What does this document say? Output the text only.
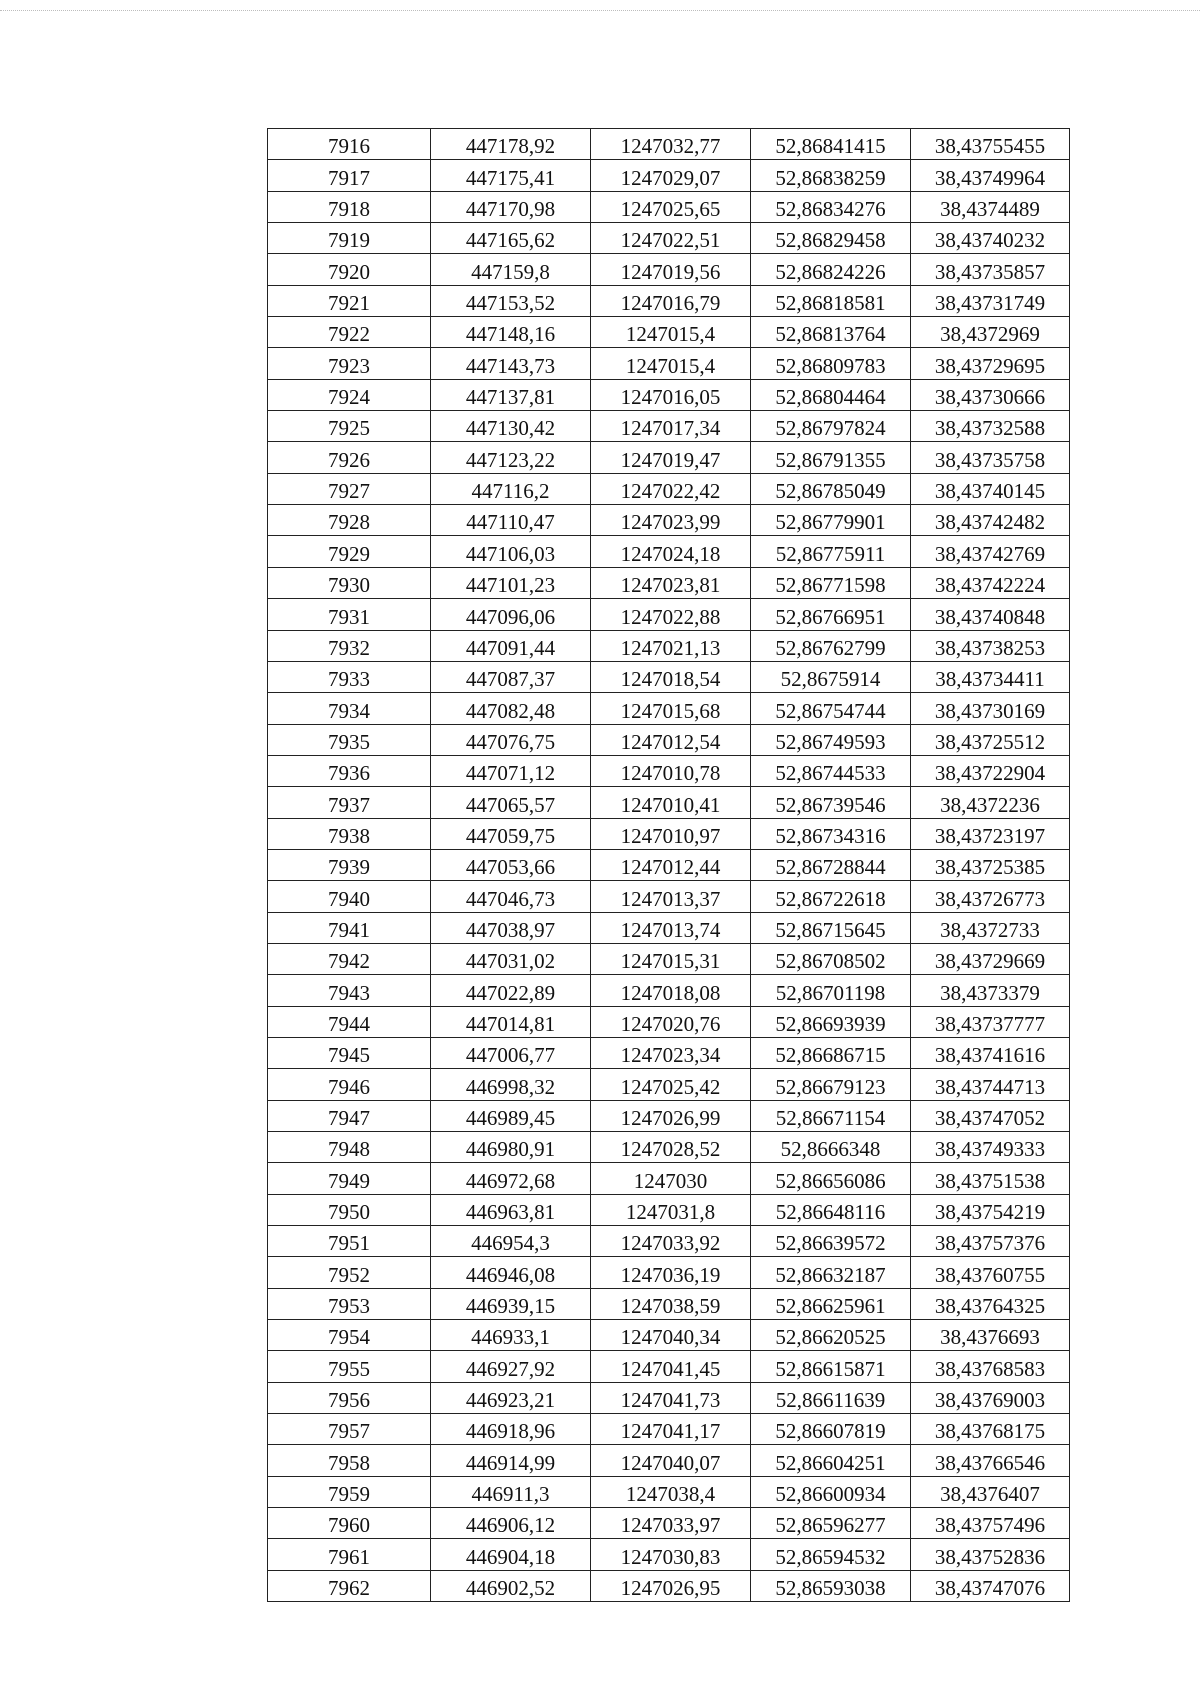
7916	447178,92	1247032,77	52,86841415	38,43755455
7917	447175,41	1247029,07	52,86838259	38,43749964
7918	447170,98	1247025,65	52,86834276	38,4374489
7919	447165,62	1247022,51	52,86829458	38,43740232
7920	447159,8	1247019,56	52,86824226	38,43735857
7921	447153,52	1247016,79	52,86818581	38,43731749
7922	447148,16	1247015,4	52,86813764	38,4372969
7923	447143,73	1247015,4	52,86809783	38,43729695
7924	447137,81	1247016,05	52,86804464	38,43730666
7925	447130,42	1247017,34	52,86797824	38,43732588
7926	447123,22	1247019,47	52,86791355	38,43735758
7927	447116,2	1247022,42	52,86785049	38,43740145
7928	447110,47	1247023,99	52,86779901	38,43742482
7929	447106,03	1247024,18	52,86775911	38,43742769
7930	447101,23	1247023,81	52,86771598	38,43742224
7931	447096,06	1247022,88	52,86766951	38,43740848
7932	447091,44	1247021,13	52,86762799	38,43738253
7933	447087,37	1247018,54	52,8675914	38,43734411
7934	447082,48	1247015,68	52,86754744	38,43730169
7935	447076,75	1247012,54	52,86749593	38,43725512
7936	447071,12	1247010,78	52,86744533	38,43722904
7937	447065,57	1247010,41	52,86739546	38,4372236
7938	447059,75	1247010,97	52,86734316	38,43723197
7939	447053,66	1247012,44	52,86728844	38,43725385
7940	447046,73	1247013,37	52,86722618	38,43726773
7941	447038,97	1247013,74	52,86715645	38,4372733
7942	447031,02	1247015,31	52,86708502	38,43729669
7943	447022,89	1247018,08	52,86701198	38,4373379
7944	447014,81	1247020,76	52,86693939	38,43737777
7945	447006,77	1247023,34	52,86686715	38,43741616
7946	446998,32	1247025,42	52,86679123	38,43744713
7947	446989,45	1247026,99	52,86671154	38,43747052
7948	446980,91	1247028,52	52,8666348	38,43749333
7949	446972,68	1247030	52,86656086	38,43751538
7950	446963,81	1247031,8	52,86648116	38,43754219
7951	446954,3	1247033,92	52,86639572	38,43757376
7952	446946,08	1247036,19	52,86632187	38,43760755
7953	446939,15	1247038,59	52,86625961	38,43764325
7954	446933,1	1247040,34	52,86620525	38,4376693
7955	446927,92	1247041,45	52,86615871	38,43768583
7956	446923,21	1247041,73	52,86611639	38,43769003
7957	446918,96	1247041,17	52,86607819	38,43768175
7958	446914,99	1247040,07	52,86604251	38,43766546
7959	446911,3	1247038,4	52,86600934	38,4376407
7960	446906,12	1247033,97	52,86596277	38,43757496
7961	446904,18	1247030,83	52,86594532	38,43752836
7962	446902,52	1247026,95	52,86593038	38,43747076
